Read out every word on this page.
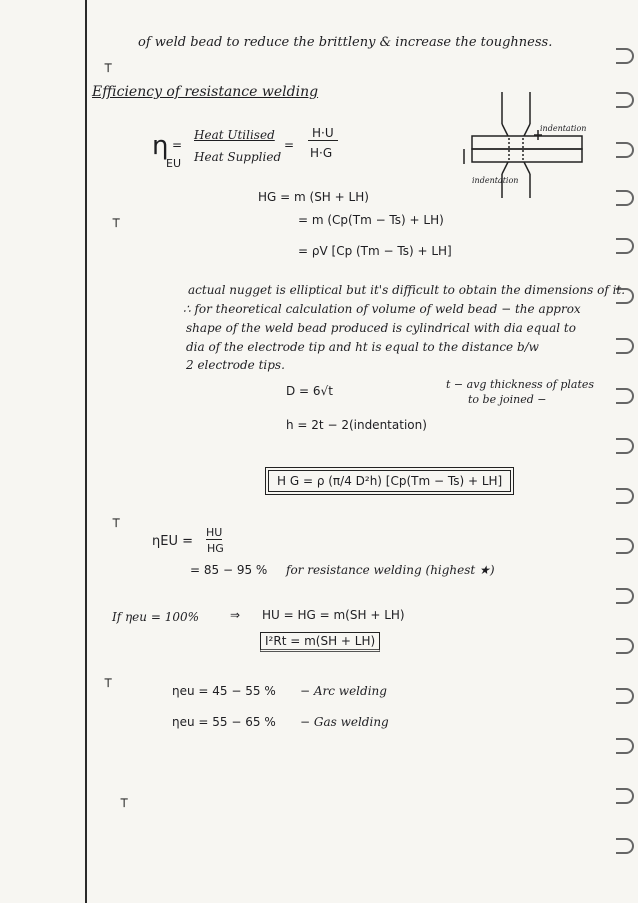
⊤
⊤
⊤
⊤
⊤
of weld bead to reduce the brittleny & increase the toughness.
Efficiency of resistance welding
η
EU
=
Heat Utilised
Heat Supplied
=
H·U
H·G
indentation
indentation
HG = m (SH + LH)
= m (Cp(Tm − Ts) + LH)
= ρV [Cp (Tm − Ts) + LH]
actual nugget is elliptical but it's difficult to obtain the dimensions of it.
∴ for theoretical calculation of volume of weld bead − the approx
shape of the weld bead produced is cylindrical with dia equal to
dia of the electrode tip and ht is equal to the distance b/w
2 electrode tips.
D = 6√t	t − avg thickness of plates
to be joined −
h = 2t − 2(indentation)
H G = ρ (π/4 D²h) [Cp(Tm − Ts) + LH]
ηEU =
HU
HG
= 85 − 95 % for resistance welding (highest ★)
If ηeu = 100%	⇒ HU = HG = m(SH + LH)
I²Rt = m(SH + LH)
ηeu = 45 − 55 % − Arc welding
ηeu = 55 − 65 % − Gas welding
